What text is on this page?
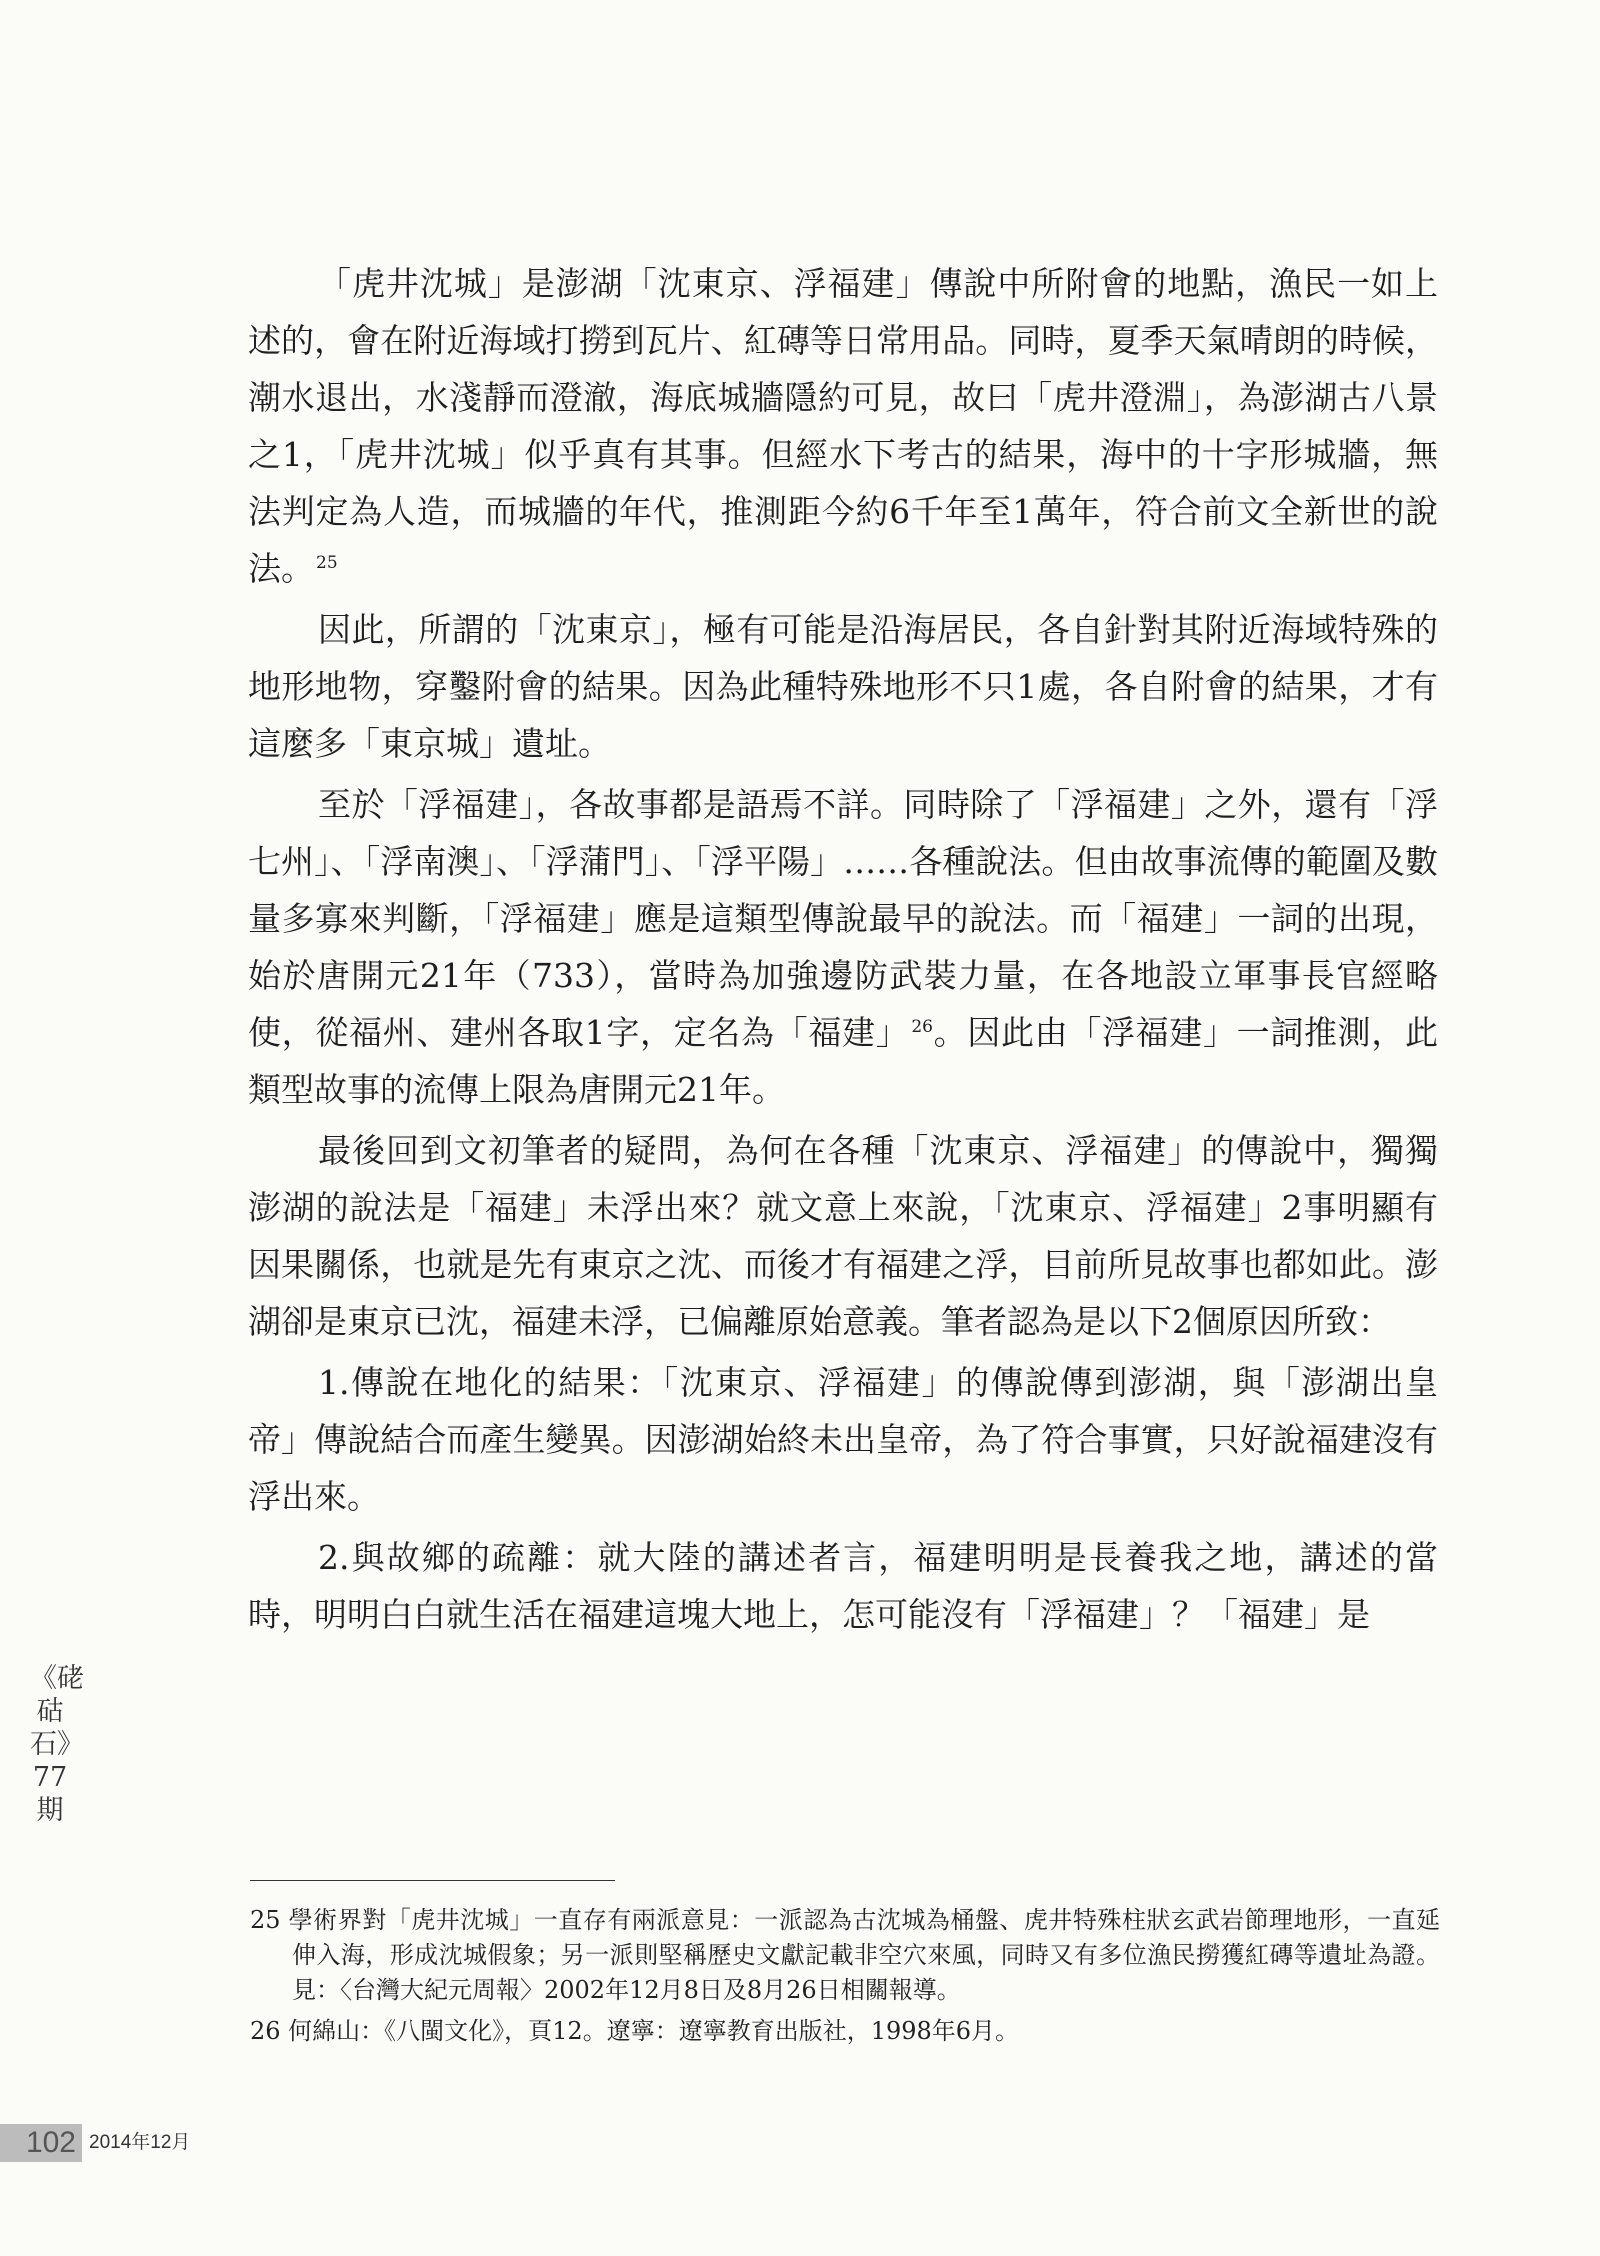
「虎井沈城」是澎湖「沈東京、浮福建」傳說中所附會的地點，漁民一如上述的，會在附近海域打撈到瓦片、紅磚等日常用品。同時，夏季天氣晴朗的時候，潮水退出，水淺靜而澄澈，海底城牆隱約可見，故曰「虎井澄淵」，為澎湖古八景之1，「虎井沈城」似乎真有其事。但經水下考古的結果，海中的十字形城牆，無法判定為人造，而城牆的年代，推測距今約6千年至1萬年，符合前文全新世的說法。 $^{25}$

因此，所謂的「沈東京」，極有可能是沿海居民，各自針對其附近海域特殊的地形地物，穿鑿附會的結果。因為此種特殊地形不只1處，各自附會的結果，才有這麼多「東京城」遺址。

至於「浮福建」，各故事都是語焉不詳。同時除了「浮福建」之外，還有「浮七州」、「浮南澳」、「浮蒲門」、「浮平陽」……各種說法。但由故事流傳的範圍及數量多寡來判斷，「浮福建」應是這類型傳說最早的說法。而「福建」一詞的出現，始於唐開元21年（733），當時為加強邊防武裝力量，在各地設立軍事長官經略使，從福州、建州各取1字，定名為「福建」 $^{26}$。因此由「浮福建」一詞推測，此類型故事的流傳上限為唐開元21年。

最後回到文初筆者的疑問，為何在各種「沈東京、浮福建」的傳說中，獨獨澎湖的說法是「福建」未浮出來？就文意上來說，「沈東京、浮福建」2事明顯有因果關係，也就是先有東京之沈、而後才有福建之浮，目前所見故事也都如此。澎湖卻是東京已沈，福建未浮，已偏離原始意義。筆者認為是以下2個原因所致：

1.傳說在地化的結果：「沈東京、浮福建」的傳說傳到澎湖，與「澎湖出皇帝」傳說結合而產生變異。因澎湖始終未出皇帝，為了符合事實，只好說福建沒有浮出來。

2.與故鄉的疏離：就大陸的講述者言，福建明明是長養我之地，講述的當時，明明白白就生活在福建這塊大地上，怎可能沒有「浮福建」？「福建」是

25 學術界對「虎井沈城」一直存有兩派意見：一派認為古沈城為桶盤、虎井特殊柱狀玄武岩節理地形，一直延伸入海，形成沈城假象；另一派則堅稱歷史文獻記載非空穴來風，同時又有多位漁民撈獲紅磚等遺址為證。見：〈台灣大紀元周報〉2002年12月8日及8月26日相關報導。

26 何綿山：《八閩文化》，頁12。遼寧：遼寧教育出版社，1998年6月。

《硓𥑮石》77期
102 2014年12月
